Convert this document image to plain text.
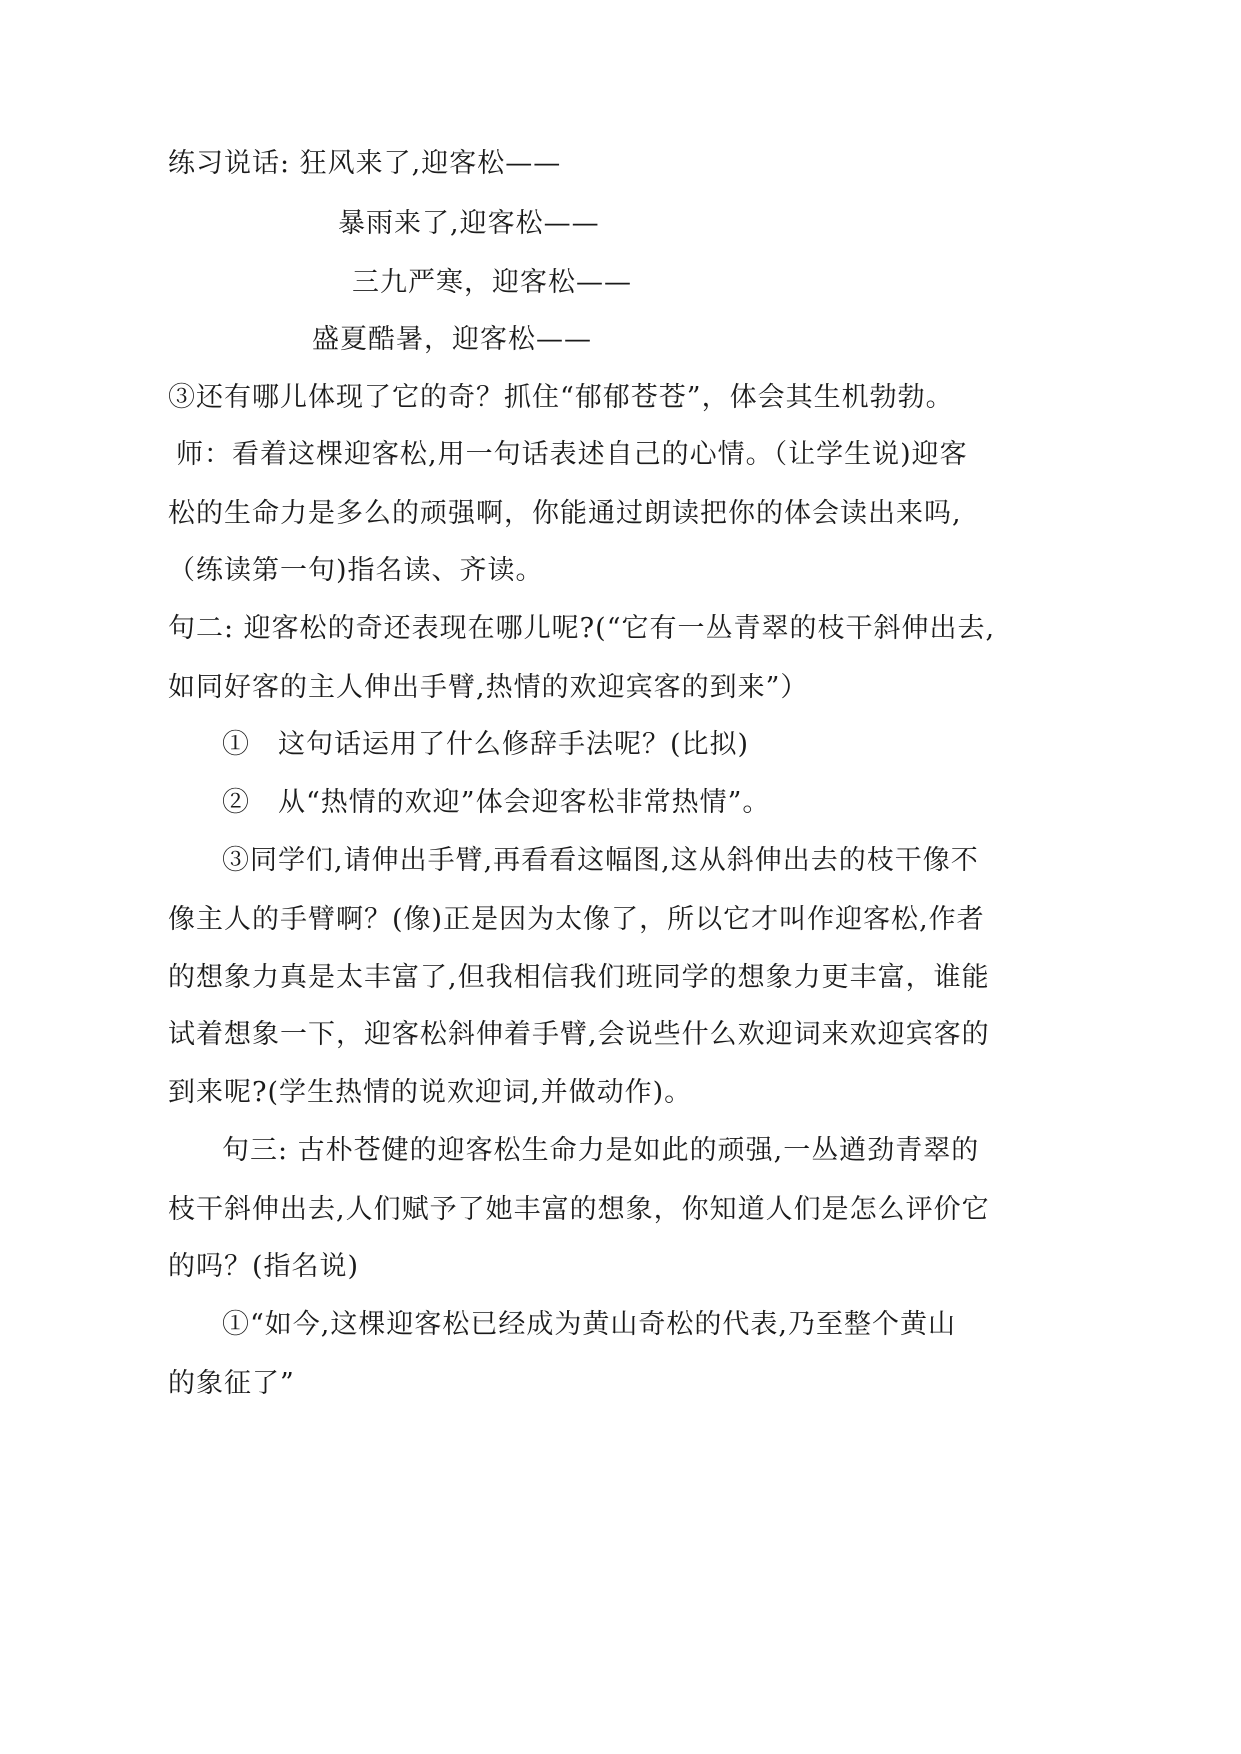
练习说话: 狂风来了,迎客松——
暴雨来了,迎客松——
三九严寒，迎客松——
盛夏酷暑，迎客松——
③还有哪儿体现了它的奇？抓住“郁郁苍苍”，体会其生机勃勃。
师：看着这棵迎客松,用一句话表述自己的心情。（让学生说)迎客
松的生命力是多么的顽强啊，你能通过朗读把你的体会读出来吗,
（练读第一句)指名读、齐读。
句二: 迎客松的奇还表现在哪儿呢?(“它有一丛青翠的枝干斜伸出去,
如同好客的主人伸出手臂,热情的欢迎宾客的到来”）
①　这句话运用了什么修辞手法呢？(比拟)
②　从“热情的欢迎”体会迎客松非常热情”。
③同学们,请伸出手臂,再看看这幅图,这从斜伸出去的枝干像不
像主人的手臂啊？(像)正是因为太像了，所以它才叫作迎客松,作者
的想象力真是太丰富了,但我相信我们班同学的想象力更丰富，谁能
试着想象一下，迎客松斜伸着手臂,会说些什么欢迎词来欢迎宾客的
到来呢?(学生热情的说欢迎词,并做动作)。
句三: 古朴苍健的迎客松生命力是如此的顽强,一丛遒劲青翠的
枝干斜伸出去,人们赋予了她丰富的想象，你知道人们是怎么评价它
的吗？(指名说)
①“如今,这棵迎客松已经成为黄山奇松的代表,乃至整个黄山
的象征了”
